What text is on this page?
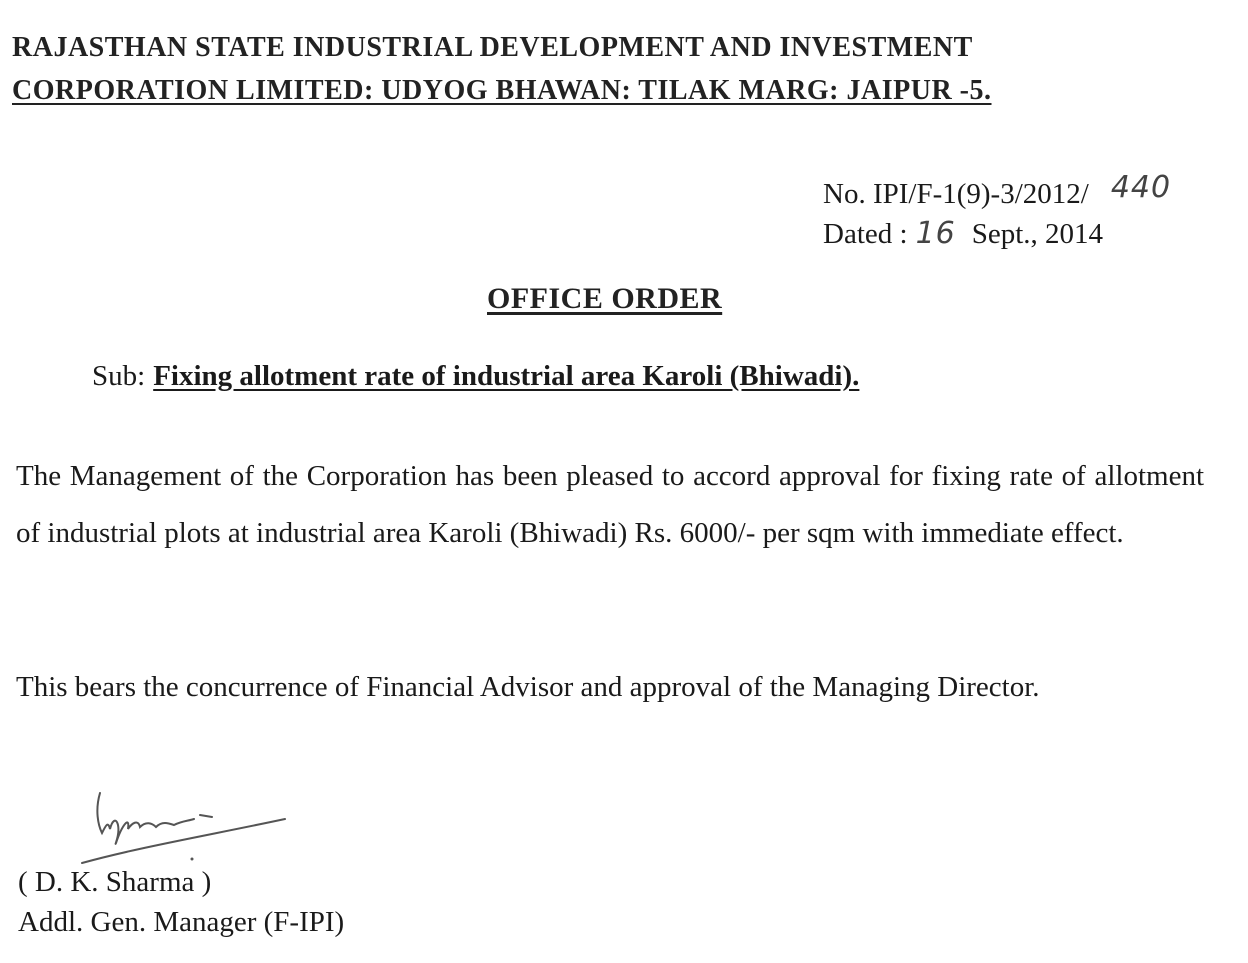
RAJASTHAN STATE INDUSTRIAL DEVELOPMENT AND INVESTMENT
CORPORATION LIMITED: UDYOG BHAWAN: TILAK MARG: JAIPUR -5.
No. IPI/F-1(9)-3/2012/ 440
Dated : 16 Sept., 2014
OFFICE ORDER
Sub: Fixing allotment rate of industrial area Karoli (Bhiwadi).
The Management of the Corporation has been pleased to accord approval for fixing rate of allotment of industrial plots at industrial area Karoli (Bhiwadi) Rs. 6000/- per sqm with immediate effect.
This bears the concurrence of Financial Advisor and approval of the Managing Director.
( D. K. Sharma )
Addl. Gen. Manager (F-IPI)
